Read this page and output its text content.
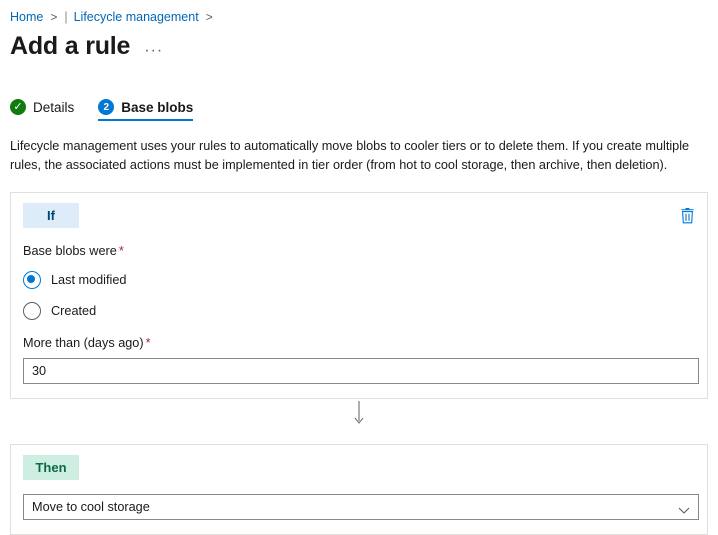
Home > | Lifecycle management >
Add a rule ···
✓ Details	2 Base blobs
Lifecycle management uses your rules to automatically move blobs to cooler tiers or to delete them. If you create multiple rules, the associated actions must be implemented in tier order (from hot to cool storage, then archive, then deletion).
If
Base blobs were *
Last modified
Created
More than (days ago) *
30
Then
Move to cool storage
